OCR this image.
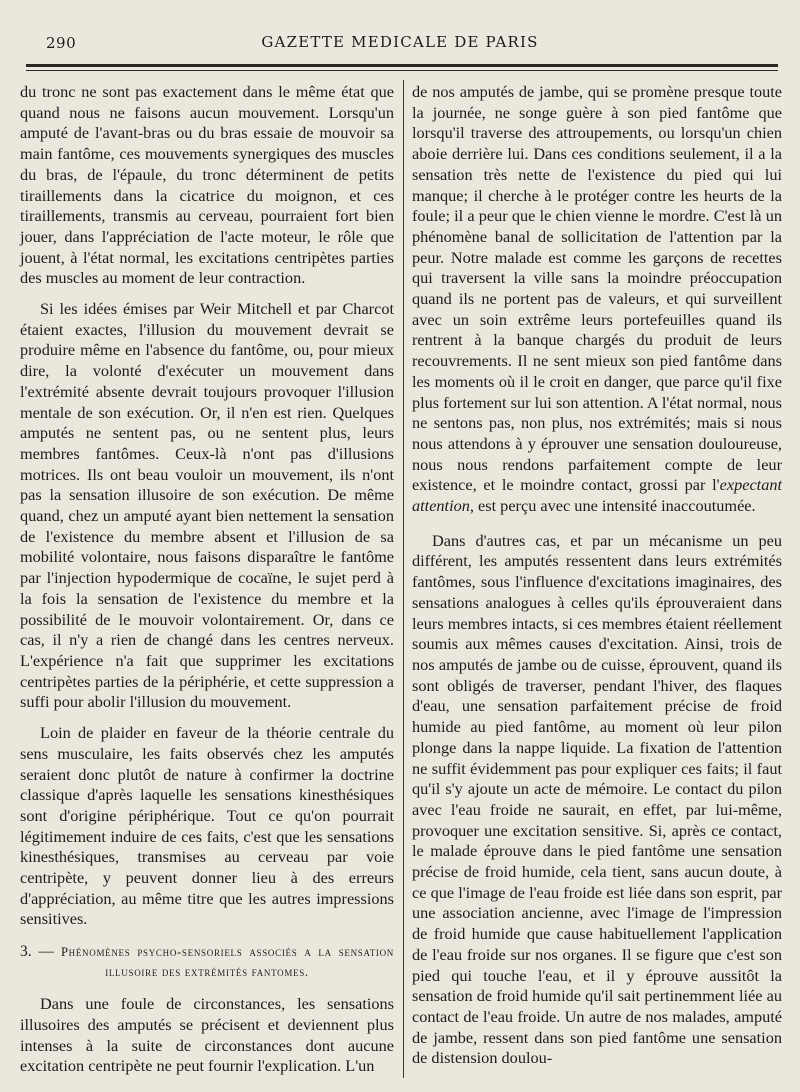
290	GAZETTE MEDICALE DE PARIS

du tronc ne sont pas exactement dans le même état que quand nous ne faisons aucun mouvement. Lorsqu'un amputé de l'avant-bras ou du bras essaie de mouvoir sa main fantôme, ces mouvements synergiques des muscles du bras, de l'épaule, du tronc déterminent de petits tiraillements dans la cicatrice du moignon, et ces tiraillements, transmis au cerveau, pourraient fort bien jouer, dans l'appréciation de l'acte moteur, le rôle que jouent, à l'état normal, les excitations centripètes parties des muscles au moment de leur contraction.

Si les idées émises par Weir Mitchell et par Charcot étaient exactes, l'illusion du mouvement devrait se produire même en l'absence du fantôme, ou, pour mieux dire, la volonté d'exécuter un mouvement dans l'extrémité absente devrait toujours provoquer l'illusion mentale de son exécution. Or, il n'en est rien. Quelques amputés ne sentent pas, ou ne sentent plus, leurs membres fantômes. Ceux-là n'ont pas d'illusions motrices. Ils ont beau vouloir un mouvement, ils n'ont pas la sensation illusoire de son exécution. De même quand, chez un amputé ayant bien nettement la sensation de l'existence du membre absent et l'illusion de sa mobilité volontaire, nous faisons disparaître le fantôme par l'injection hypodermique de cocaïne, le sujet perd à la fois la sensation de l'existence du membre et la possibilité de le mouvoir volontairement. Or, dans ce cas, il n'y a rien de changé dans les centres nerveux. L'expérience n'a fait que supprimer les excitations centripètes parties de la périphérie, et cette suppression a suffi pour abolir l'illusion du mouvement.

Loin de plaider en faveur de la théorie centrale du sens musculaire, les faits observés chez les amputés seraient donc plutôt de nature à confirmer la doctrine classique d'après laquelle les sensations kinesthésiques sont d'origine périphérique. Tout ce qu'on pourrait légitimement induire de ces faits, c'est que les sensations kinesthésiques, transmises au cerveau par voie centripète, y peuvent donner lieu à des erreurs d'appréciation, au même titre que les autres impressions sensitives.

3. — Phénomènes psycho-sensoriels associés a la sensation illusoire des extrémités fantomes.

Dans une foule de circonstances, les sensations illusoires des amputés se précisent et deviennent plus intenses à la suite de circonstances dont aucune excitation centripète ne peut fournir l'explication. L'un

de nos amputés de jambe, qui se promène presque toute la journée, ne songe guère à son pied fantôme que lorsqu'il traverse des attroupements, ou lorsqu'un chien aboie derrière lui. Dans ces conditions seulement, il a la sensation très nette de l'existence du pied qui lui manque; il cherche à le protéger contre les heurts de la foule; il a peur que le chien vienne le mordre. C'est là un phénomène banal de sollicitation de l'attention par la peur. Notre malade est comme les garçons de recettes qui traversent la ville sans la moindre préoccupation quand ils ne portent pas de valeurs, et qui surveillent avec un soin extrême leurs portefeuilles quand ils rentrent à la banque chargés du produit de leurs recouvrements. Il ne sent mieux son pied fantôme dans les moments où il le croit en danger, que parce qu'il fixe plus fortement sur lui son attention. A l'état normal, nous ne sentons pas, non plus, nos extrémités; mais si nous nous attendons à y éprouver une sensation douloureuse, nous nous rendons parfaitement compte de leur existence, et le moindre contact, grossi par l'expectant attention, est perçu avec une intensité inaccoutumée.

Dans d'autres cas, et par un mécanisme un peu différent, les amputés ressentent dans leurs extrémités fantômes, sous l'influence d'excitations imaginaires, des sensations analogues à celles qu'ils éprouveraient dans leurs membres intacts, si ces membres étaient réellement soumis aux mêmes causes d'excitation. Ainsi, trois de nos amputés de jambe ou de cuisse, éprouvent, quand ils sont obligés de traverser, pendant l'hiver, des flaques d'eau, une sensation parfaitement précise de froid humide au pied fantôme, au moment où leur pilon plonge dans la nappe liquide. La fixation de l'attention ne suffit évidemment pas pour expliquer ces faits; il faut qu'il s'y ajoute un acte de mémoire. Le contact du pilon avec l'eau froide ne saurait, en effet, par lui-même, provoquer une excitation sensitive. Si, après ce contact, le malade éprouve dans le pied fantôme une sensation précise de froid humide, cela tient, sans aucun doute, à ce que l'image de l'eau froide est liée dans son esprit, par une association ancienne, avec l'image de l'impression de froid humide que cause habituellement l'application de l'eau froide sur nos organes. Il se figure que c'est son pied qui touche l'eau, et il y éprouve aussitôt la sensation de froid humide qu'il sait pertinemment liée au contact de l'eau froide. Un autre de nos malades, amputé de jambe, ressent dans son pied fantôme une sensation de distension doulou-
